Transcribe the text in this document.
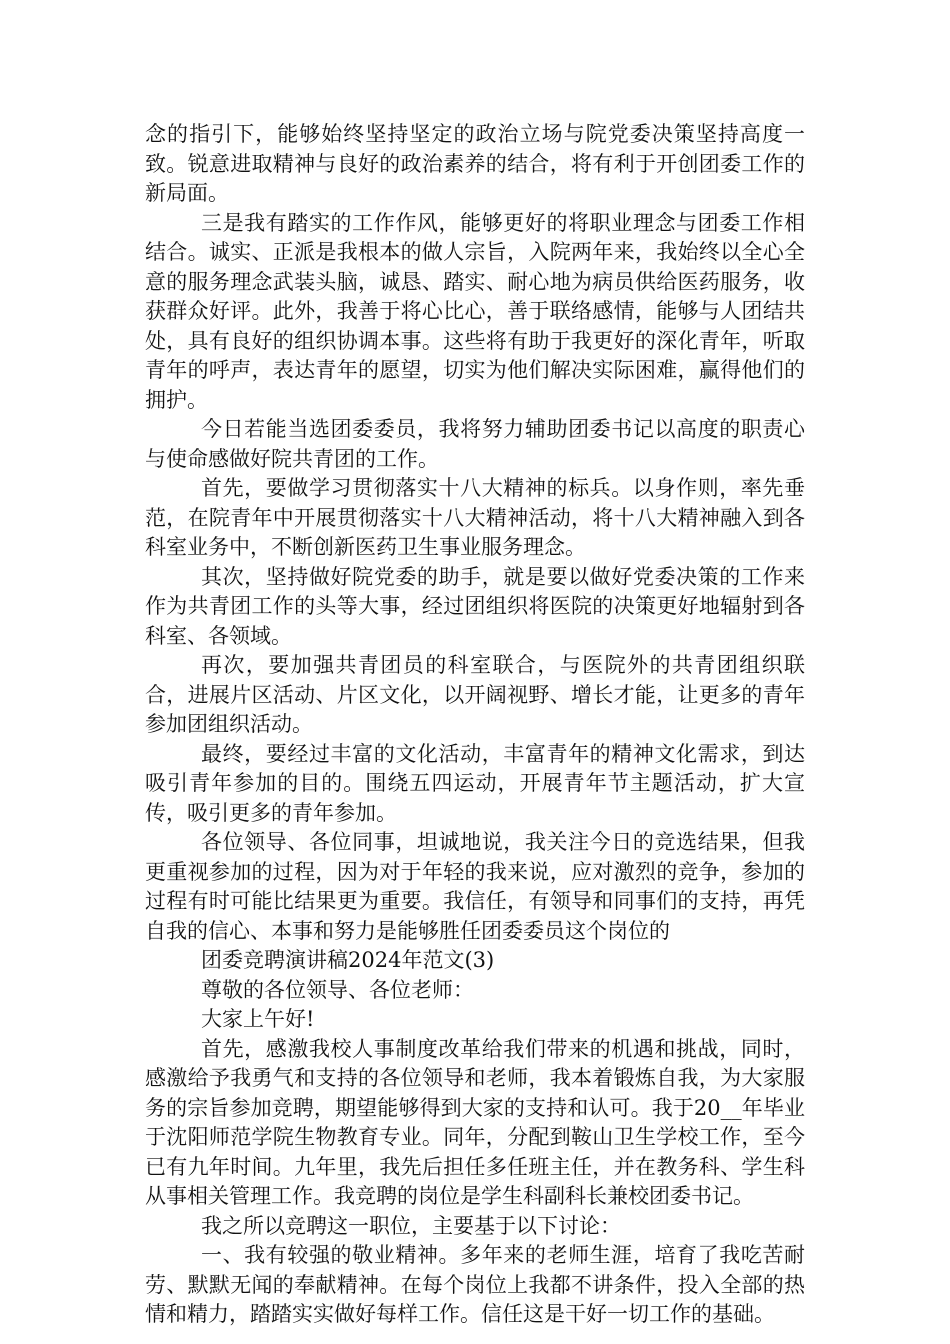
念的指引下，能够始终坚持坚定的政治立场与院党委决策坚持高度一致。锐意进取精神与良好的政治素养的结合，将有利于开创团委工作的新局面。

三是我有踏实的工作作风，能够更好的将职业理念与团委工作相结合。诚实、正派是我根本的做人宗旨，入院两年来，我始终以全心全意的服务理念武装头脑，诚恳、踏实、耐心地为病员供给医药服务，收获群众好评。此外，我善于将心比心，善于联络感情，能够与人团结共处，具有良好的组织协调本事。这些将有助于我更好的深化青年，听取青年的呼声，表达青年的愿望，切实为他们解决实际困难，赢得他们的拥护。

今日若能当选团委委员，我将努力辅助团委书记以高度的职责心与使命感做好院共青团的工作。

首先，要做学习贯彻落实十八大精神的标兵。以身作则，率先垂范，在院青年中开展贯彻落实十八大精神活动，将十八大精神融入到各科室业务中，不断创新医药卫生事业服务理念。

其次，坚持做好院党委的助手，就是要以做好党委决策的工作来作为共青团工作的头等大事，经过团组织将医院的决策更好地辐射到各科室、各领域。

再次，要加强共青团员的科室联合，与医院外的共青团组织联合，进展片区活动、片区文化，以开阔视野、增长才能，让更多的青年参加团组织活动。

最终，要经过丰富的文化活动，丰富青年的精神文化需求，到达吸引青年参加的目的。围绕五四运动，开展青年节主题活动，扩大宣传，吸引更多的青年参加。

各位领导、各位同事，坦诚地说，我关注今日的竞选结果，但我更重视参加的过程，因为对于年轻的我来说，应对激烈的竞争，参加的过程有时可能比结果更为重要。我信任，有领导和同事们的支持，再凭自我的信心、本事和努力是能够胜任团委委员这个岗位的

团委竞聘演讲稿2024年范文(3)

尊敬的各位领导、各位老师：

大家上午好!

首先，感激我校人事制度改革给我们带来的机遇和挑战，同时，感激给予我勇气和支持的各位领导和老师，我本着锻炼自我，为大家服务的宗旨参加竞聘，期望能够得到大家的支持和认可。我于20__年毕业于沈阳师范学院生物教育专业。同年，分配到鞍山卫生学校工作，至今已有九年时间。九年里，我先后担任多任班主任，并在教务科、学生科从事相关管理工作。我竞聘的岗位是学生科副科长兼校团委书记。

我之所以竞聘这一职位，主要基于以下讨论：

一、我有较强的敬业精神。多年来的老师生涯，培育了我吃苦耐劳、默默无闻的奉献精神。在每个岗位上我都不讲条件，投入全部的热情和精力，踏踏实实做好每样工作。信任这是干好一切工作的基础。
